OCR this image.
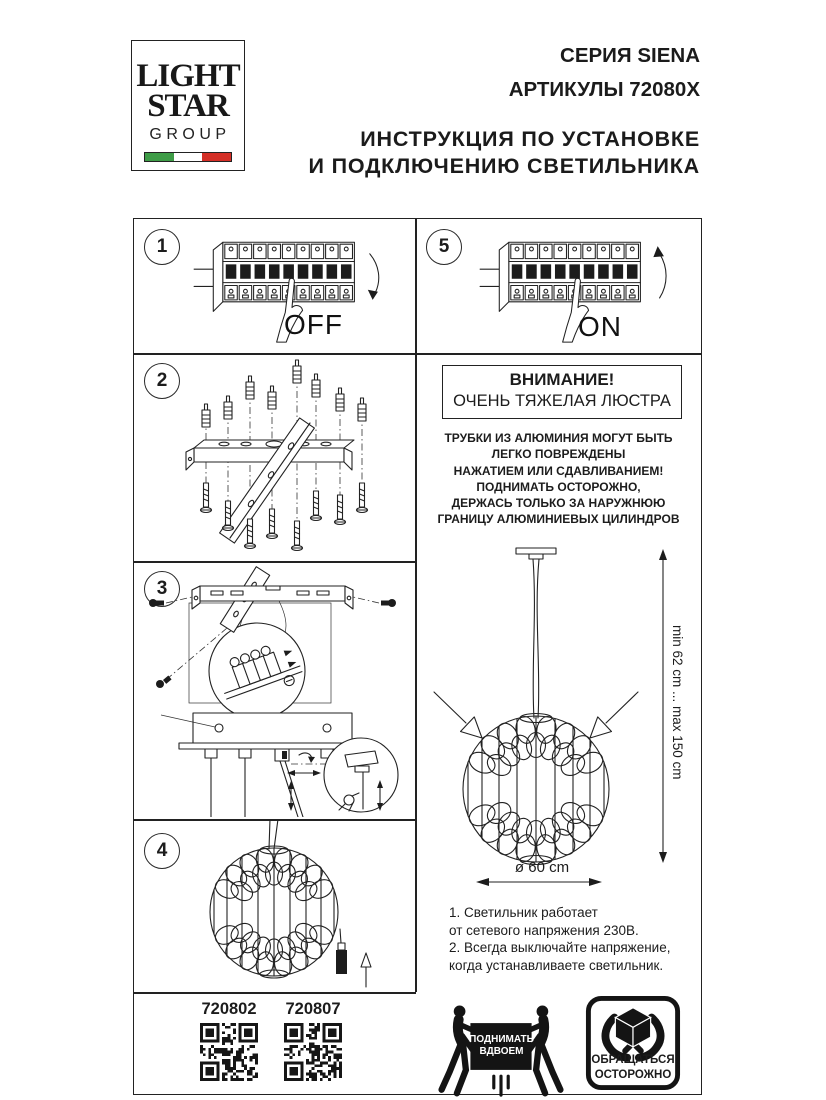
LIGHT
STAR
GROUP
СЕРИЯ SIENA
АРТИКУЛЫ 72080X
ИНСТРУКЦИЯ ПО УСТАНОВКЕ
И ПОДКЛЮЧЕНИЮ СВЕТИЛЬНИКА
1
OFF
5
ON
2
3
4
720802	720807
ВНИМАНИЕ!
ОЧЕНЬ ТЯЖЕЛАЯ ЛЮСТРА
ТРУБКИ ИЗ АЛЮМИНИЯ МОГУТ БЫТЬ
ЛЕГКО ПОВРЕЖДЕНЫ
НАЖАТИЕМ ИЛИ СДАВЛИВАНИЕМ!
ПОДНИМАТЬ ОСТОРОЖНО,
ДЕРЖАСЬ ТОЛЬКО ЗА НАРУЖНЮЮ
ГРАНИЦУ АЛЮМИНИЕВЫХ ЦИЛИНДРОВ
min 62 cm ... max 150 cm
ø 60 cm
1. Светильник работает
от сетевого напряжения 230В.
2. Всегда выключайте напряжение,
когда устанавливаете светильник.
ПОДНИМАТЬ
ВДВОЕМ
ОБРАЩАТЬСЯ
ОСТОРОЖНО
